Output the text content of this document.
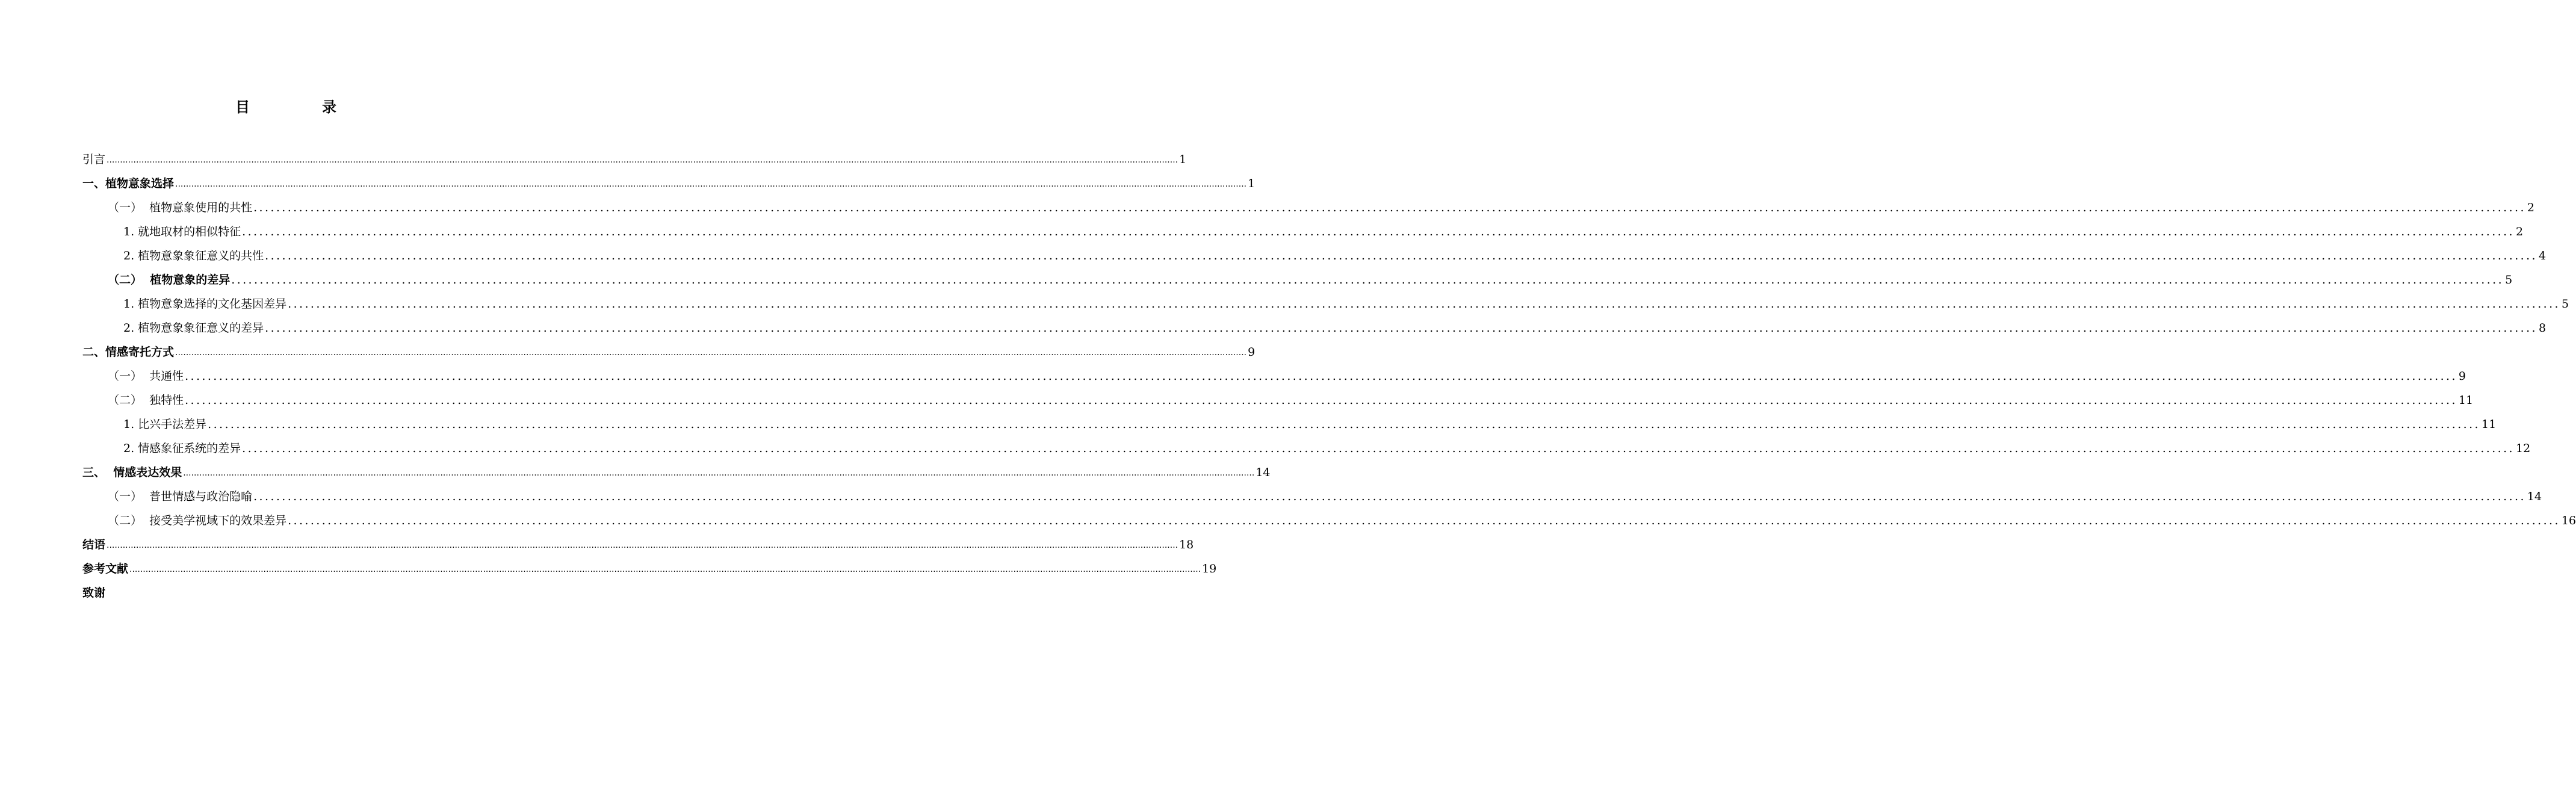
目　录
引言 ................................................................................................................................................................................................................................................................................................................................................................................................................ 1
一、植物意象选择 ................................................................................................................................................................................................................................................................................................................................................................................................................ 1
（一）  植物意象使用的共性 ................................................................................................................................................................................................................................................................................................................................................................................................................ 2
1. 就地取材的相似特征 ................................................................................................................................................................................................................................................................................................................................................................................................................ 2
2. 植物意象象征意义的共性 ................................................................................................................................................................................................................................................................................................................................................................................................................ 4
（二）  植物意象的差异 ................................................................................................................................................................................................................................................................................................................................................................................................................ 5
1. 植物意象选择的文化基因差异 ................................................................................................................................................................................................................................................................................................................................................................................................................ 5
2. 植物意象象征意义的差异 ................................................................................................................................................................................................................................................................................................................................................................................................................ 8
二、情感寄托方式 ................................................................................................................................................................................................................................................................................................................................................................................................................ 9
（一）  共通性 ................................................................................................................................................................................................................................................................................................................................................................................................................ 9
（二）  独特性 ................................................................................................................................................................................................................................................................................................................................................................................................................ 11
1. 比兴手法差异 ................................................................................................................................................................................................................................................................................................................................................................................................................ 11
2. 情感象征系统的差异 ................................................................................................................................................................................................................................................................................................................................................................................................................ 12
三、  情感表达效果 ................................................................................................................................................................................................................................................................................................................................................................................................................ 14
（一）  普世情感与政治隐喻 ................................................................................................................................................................................................................................................................................................................................................................................................................ 14
（二）  接受美学视域下的效果差异 ................................................................................................................................................................................................................................................................................................................................................................................................................ 16
结语 ................................................................................................................................................................................................................................................................................................................................................................................................................ 18
参考文献 ................................................................................................................................................................................................................................................................................................................................................................................................................ 19
致谢
